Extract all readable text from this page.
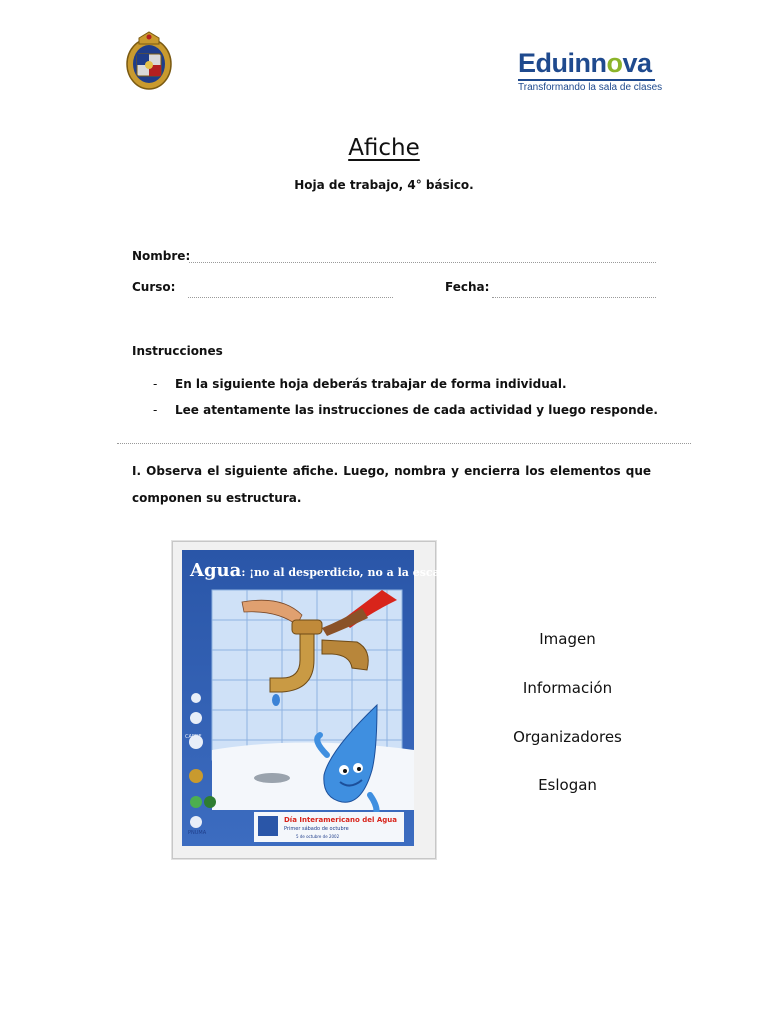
Eduinnova
Transformando la sala de clases
Afiche
Hoja de trabajo, 4° básico.
Nombre:
Curso:	Fecha:
Instrucciones
- En la siguiente hoja deberás trabajar de forma individual.
- Lee atentamente las instrucciones de cada actividad y luego responde.
I. Observa el siguiente afiche. Luego, nombra y encierra los elementos que componen su estructura.
Agua: ¡no al desperdicio, no a la escasez !
CAPRE
PNUMA
Día Interamericano del Agua
Primer sábado de octubre
5 de octubre de 2002
Imagen
Información
Organizadores
Eslogan
